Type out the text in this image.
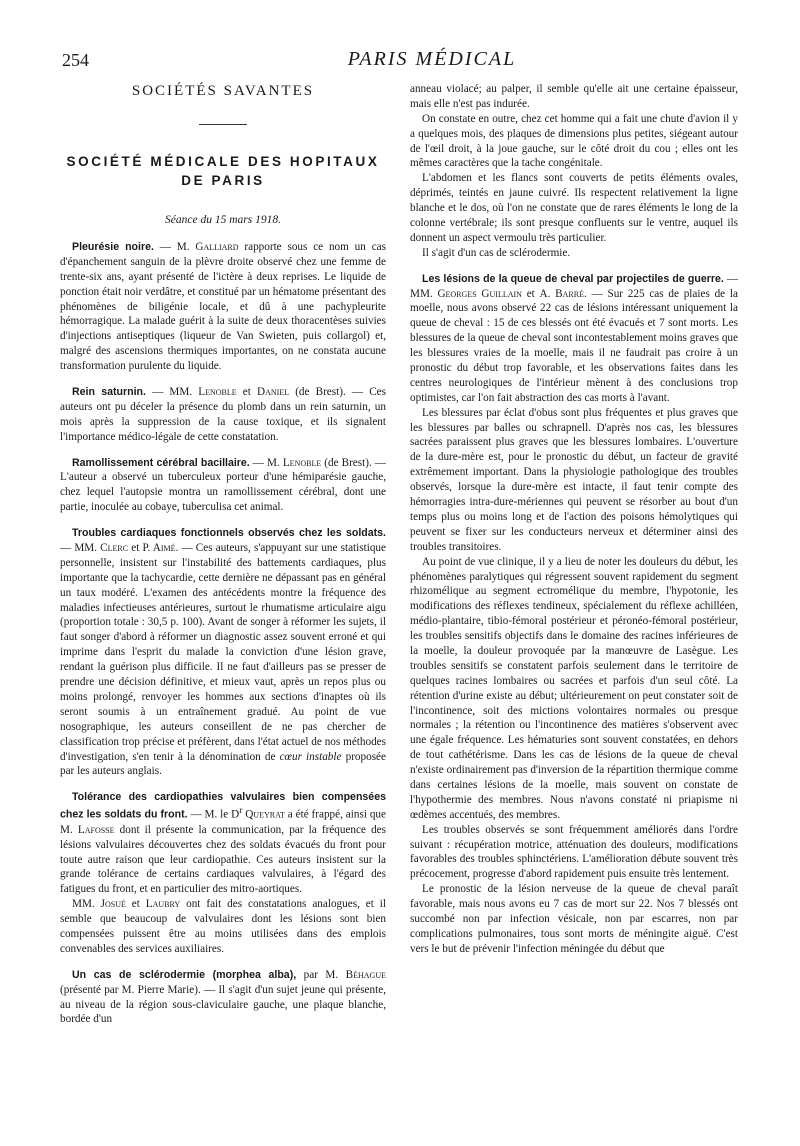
254	PARIS MÉDICAL
SOCIÉTÉS SAVANTES
SOCIÉTÉ MÉDICALE DES HOPITAUX DE PARIS
Séance du 15 mars 1918.

Pleurésie noire. — M. Galliard rapporte sous ce nom un cas d'épanchement sanguin de la plèvre droite observé chez une femme de trente-six ans, ayant présenté de l'ictère à deux reprises. Le liquide de ponction était noir verdâtre, et constitué par un hématome présentant des phénomènes de biligénie locale, et dû à une pachypleurite hémorragique. La malade guérit à la suite de deux thoracentèses suivies d'injections antiseptiques (liqueur de Van Swieten, puis collargol) et, malgré des ascensions thermiques importantes, on ne constata aucune transformation purulente du liquide.

Rein saturnin. — MM. Lenoble et Daniel (de Brest). — Ces auteurs ont pu déceler la présence du plomb dans un rein saturnin, un mois après la suppression de la cause toxique, et ils signalent l'importance médico-légale de cette constatation.

Ramollissement cérébral bacillaire. — M. Lenoble (de Brest). — L'auteur a observé un tuberculeux porteur d'une hémiparésie gauche, chez lequel l'autopsie montra un ramollissement cérébral, dont une partie, inoculée au cobaye, tuberculisa cet animal.

Troubles cardiaques fonctionnels observés chez les soldats. — MM. Clerc et P. Aimé. — Ces auteurs, s'appuyant sur une statistique personnelle, insistent sur l'instabilité des battements cardiaques, plus importante que la tachycardie, cette dernière ne dépassant pas en général un taux modéré. L'examen des antécédents montre la fréquence des maladies infectieuses antérieures, surtout le rhumatisme articulaire aigu (proportion totale : 30,5 p. 100). Avant de songer à réformer les sujets, il faut songer d'abord à réformer un diagnostic assez souvent erroné et qui imprime dans l'esprit du malade la conviction d'une lésion grave, rendant la guérison plus difficile. Il ne faut d'ailleurs pas se presser de prendre une décision définitive, et mieux vaut, après un repos plus ou moins prolongé, renvoyer les hommes aux sections d'inaptes où ils seront soumis à un entraînement gradué. Au point de vue nosographique, les auteurs conseillent de ne pas chercher de classification trop précise et préfèrent, dans l'état actuel de nos méthodes d'investigation, s'en tenir à la dénomination de cœur instable proposée par les auteurs anglais.

Tolérance des cardiopathies valvulaires bien compensées chez les soldats du front. — M. le $D^r$ Queyrat a été frappé, ainsi que M. Lafosse dont il présente la communication, par la fréquence des lésions valvulaires découvertes chez des soldats évacués du front pour toute autre raison que leur cardiopathie. Ces auteurs insistent sur la grande tolérance de certains cardiaques valvulaires, à l'égard des fatigues du front, et en particulier des mitro-aortiques.

MM. Josué et Laubry ont fait des constatations analogues, et il semble que beaucoup de valvulaires dont les lésions sont bien compensées puissent être au moins utilisées dans des emplois convenables des services auxiliaires.

Un cas de sclérodermie (morphea alba), par M. Béhague (présenté par M. Pierre Marie). — Il s'agit d'un sujet jeune qui présente, au niveau de la région sous-claviculaire gauche, une plaque blanche, bordée d'un

anneau violacé; au palper, il semble qu'elle ait une certaine épaisseur, mais elle n'est pas indurée.

On constate en outre, chez cet homme qui a fait une chute d'avion il y a quelques mois, des plaques de dimensions plus petites, siégeant autour de l'œil droit, à la joue gauche, sur le côté droit du cou ; elles ont les mêmes caractères que la tache congénitale.

L'abdomen et les flancs sont couverts de petits éléments ovales, déprimés, teintés en jaune cuivré. Ils respectent relativement la ligne blanche et le dos, où l'on ne constate que de rares éléments le long de la colonne vertébrale; ils sont presque confluents sur le ventre, auquel ils donnent un aspect vermoulu très particulier.

Il s'agit d'un cas de sclérodermie.

Les lésions de la queue de cheval par projectiles de guerre. — MM. Georges Guillain et A. Barré. — Sur 225 cas de plaies de la moelle, nous avons observé 22 cas de lésions intéressant uniquement la queue de cheval : 15 de ces blessés ont été évacués et 7 sont morts. Les blessures de la queue de cheval sont incontestablement moins graves que les blessures vraies de la moelle, mais il ne faudrait pas croire à un pronostic du début trop favorable, et les observations faites dans les centres neurologiques de l'intérieur mènent à des conclusions trop optimistes, car l'on fait abstraction des cas morts à l'avant.

Les blessures par éclat d'obus sont plus fréquentes et plus graves que les blessures par balles ou schrapnell. D'après nos cas, les blessures sacrées paraissent plus graves que les blessures lombaires. L'ouverture de la dure-mère est, pour le pronostic du début, un facteur de gravité extrêmement important. Dans la physiologie pathologique des troubles observés, lorsque la dure-mère est intacte, il faut tenir compte des hémorragies intra-dure-mériennes qui peuvent se résorber au bout d'un temps plus ou moins long et de l'action des poisons hémolytiques qui peuvent se fixer sur les conducteurs nerveux et déterminer ainsi des troubles transitoires.

Au point de vue clinique, il y a lieu de noter les douleurs du début, les phénomènes paralytiques qui régressent souvent rapidement du segment rhizomélique au segment ectromélique du membre, l'hypotonie, les modifications des réflexes tendineux, spécialement du réflexe achilléen, médio-plantaire, tibio-fémoral postérieur et péronéo-fémoral postérieur, les troubles sensitifs objectifs dans le domaine des racines inférieures de la moelle, la douleur provoquée par la manœuvre de Lasègue. Les troubles sensitifs se constatent parfois seulement dans le territoire de quelques racines lombaires ou sacrées et parfois d'un seul côté. La rétention d'urine existe au début; ultérieurement on peut constater soit de l'incontinence, soit des mictions volontaires normales ou presque normales ; la rétention ou l'incontinence des matières s'observent avec une égale fréquence. Les hématuries sont souvent constatées, en dehors de tout cathétérisme. Dans les cas de lésions de la queue de cheval n'existe ordinairement pas d'inversion de la répartition thermique comme dans certaines lésions de la moelle, mais souvent on constate de l'hypothermie des membres. Nous n'avons constaté ni priapisme ni œdèmes accentués, des membres.

Les troubles observés se sont fréquemment améliorés dans l'ordre suivant : récupération motrice, atténuation des douleurs, modifications favorables des troubles sphinctériens. L'amélioration débute souvent très précocement, progresse d'abord rapidement puis ensuite très lentement.

Le pronostic de la lésion nerveuse de la queue de cheval paraît favorable, mais nous avons eu 7 cas de mort sur 22. Nos 7 blessés ont succombé non par infection vésicale, non par escarres, non par complications pulmonaires, tous sont morts de méningite aiguë. C'est vers le but de prévenir l'infection méningée du début que
